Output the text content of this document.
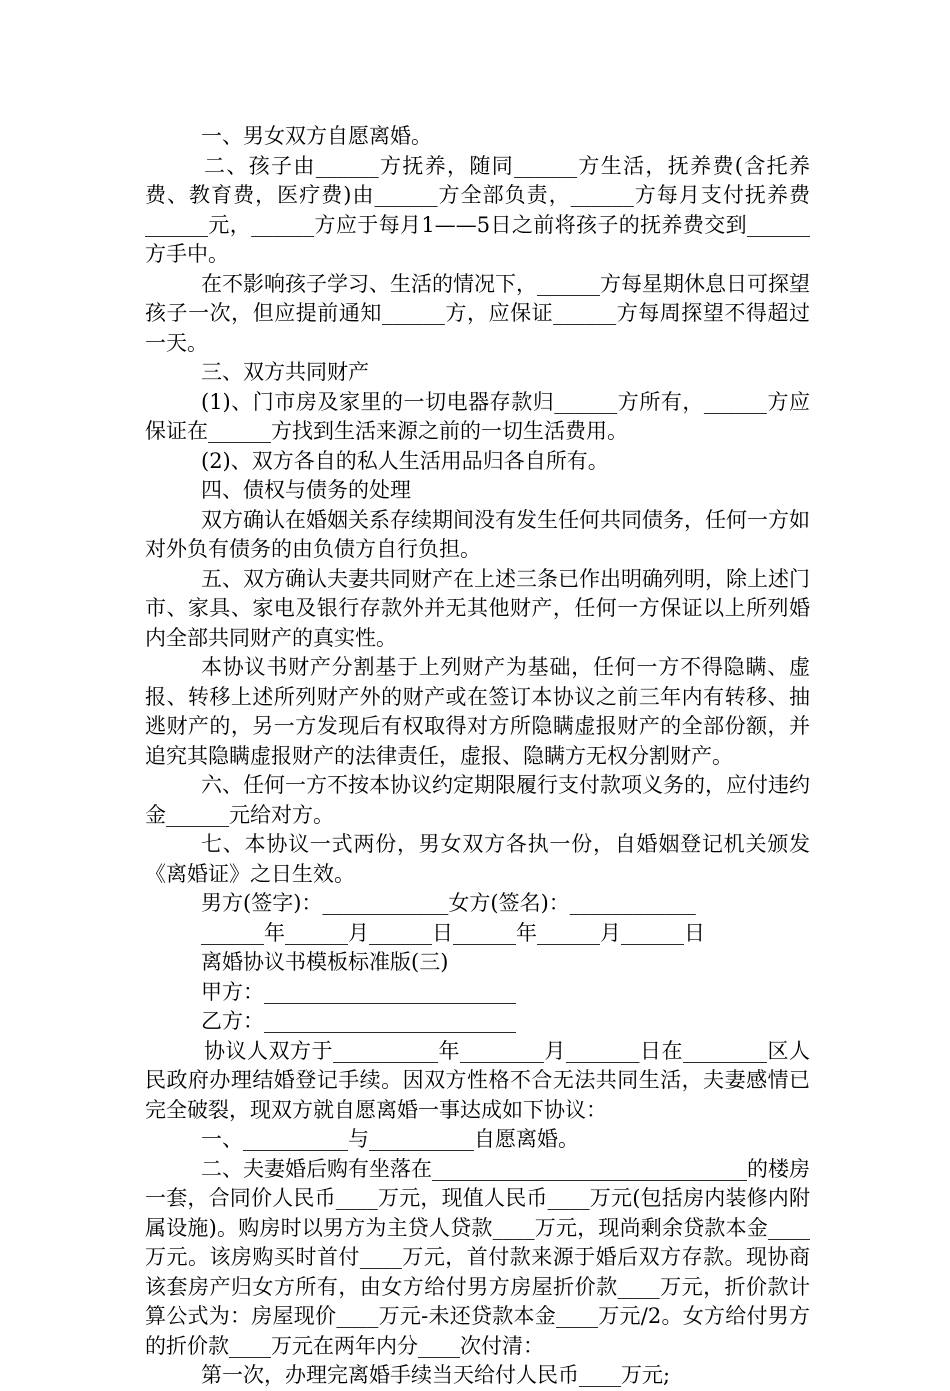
一、男女双方自愿离婚。

二、孩子由______方抚养，随同______方生活，抚养费(含托养费、教育费，医疗费)由______方全部负责，______方每月支付抚养费______元，______方应于每月1——5日之前将孩子的抚养费交到______方手中。

在不影响孩子学习、生活的情况下，______方每星期休息日可探望孩子一次，但应提前通知______方，应保证______方每周探望不得超过一天。

三、双方共同财产

(1)、门市房及家里的一切电器存款归______方所有，______方应保证在______方找到生活来源之前的一切生活费用。

(2)、双方各自的私人生活用品归各自所有。

四、债权与债务的处理

双方确认在婚姻关系存续期间没有发生任何共同债务，任何一方如对外负有债务的由负债方自行负担。

五、双方确认夫妻共同财产在上述三条已作出明确列明，除上述门市、家具、家电及银行存款外并无其他财产，任何一方保证以上所列婚内全部共同财产的真实性。

本协议书财产分割基于上列财产为基础，任何一方不得隐瞒、虚报、转移上述所列财产外的财产或在签订本协议之前三年内有转移、抽逃财产的，另一方发现后有权取得对方所隐瞒虚报财产的全部份额，并追究其隐瞒虚报财产的法律责任，虚报、隐瞒方无权分割财产。

六、任何一方不按本协议约定期限履行支付款项义务的，应付违约金______元给对方。

七、本协议一式两份，男女双方各执一份，自婚姻登记机关颁发《离婚证》之日生效。

男方(签字)：____________女方(签名)：____________

______年______月______日______年______月______日

离婚协议书模板标准版(三)

甲方：________________________

乙方：________________________

协议人双方于__________年________月_______日在________区人民政府办理结婚登记手续。因双方性格不合无法共同生活，夫妻感情已完全破裂，现双方就自愿离婚一事达成如下协议：

一、__________与__________自愿离婚。

二、夫妻婚后购有坐落在______________________________的楼房一套，合同价人民币____万元，现值人民币____万元(包括房内装修内附属设施)。购房时以男方为主贷人贷款____万元，现尚剩余贷款本金____万元。该房购买时首付____万元，首付款来源于婚后双方存款。现协商该套房产归女方所有，由女方给付男方房屋折价款____万元，折价款计算公式为：房屋现价____万元-未还贷款本金____万元/2。女方给付男方的折价款____万元在两年内分____次付清：

第一次，办理完离婚手续当天给付人民币____万元;
